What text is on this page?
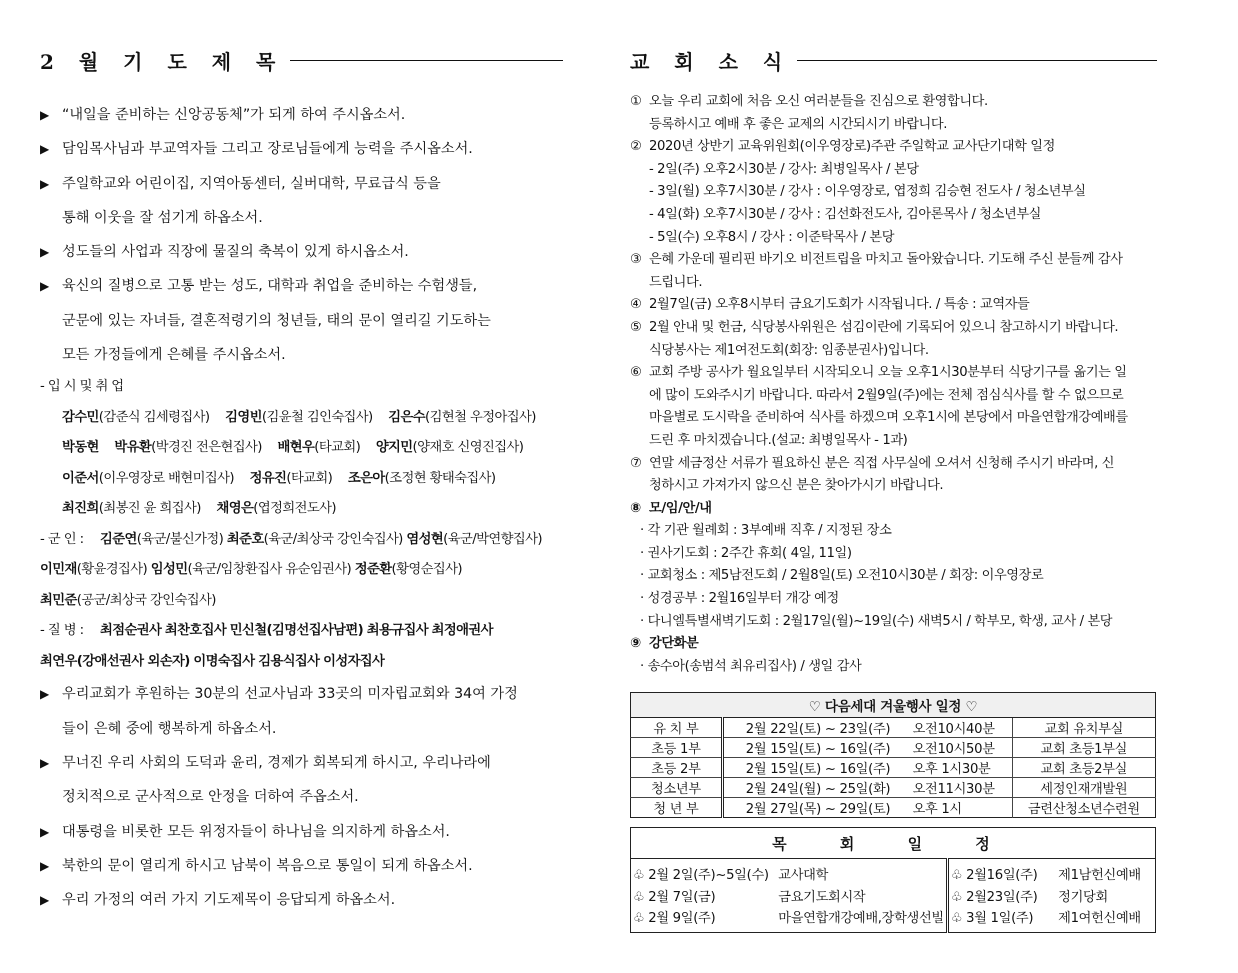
2 월 기 도 제 목
▶ “내일을 준비하는 신앙공동체”가 되게 하여 주시옵소서.
▶ 담임목사님과 부교역자들 그리고 장로님들에게 능력을 주시옵소서.
▶ 주일학교와 어린이집, 지역아동센터, 실버대학, 무료급식 등을
통해 이웃을 잘 섬기게 하옵소서.
▶ 성도들의 사업과 직장에 물질의 축복이 있게 하시옵소서.
▶ 육신의 질병으로 고통 받는 성도, 대학과 취업을 준비하는 수험생들,
군문에 있는 자녀들, 결혼적령기의 청년들, 태의 문이 열리길 기도하는
모든 가정들에게 은혜를 주시옵소서.
- 입 시 및 취 업
감수민(감준식 김세령집사) 김영빈(김윤철 김인숙집사) 김은수(김현철 우정아집사)
박동현 박유환(박경진 전은현집사) 배현우(타교회) 양지민(양재호 신영진집사)
이준서(이우영장로 배현미집사) 정유진(타교회) 조은아(조정현 황태숙집사)
최진희(최봉진 윤 희집사) 채영은(엽정희전도사)
- 군 인 : 김준연(육군/불신가정) 최준호(육군/최상국 강인숙집사) 염성현(육군/박연향집사)
이민재(황윤경집사) 임성민(육군/임창환집사 유순임권사) 정준환(황영순집사)
최민준(공군/최상국 강인숙집사)
- 질 병 : 최점순권사 최찬호집사 민신철(김명선집사남편) 최용규집사 최정애권사
최연우(강애선권사 외손자) 이명숙집사 김용식집사 이성자집사
▶ 우리교회가 후원하는 30분의 선교사님과 33곳의 미자립교회와 34여 가정
들이 은혜 중에 행복하게 하옵소서.
▶ 무너진 우리 사회의 도덕과 윤리, 경제가 회복되게 하시고, 우리나라에
정치적으로 군사적으로 안정을 더하여 주옵소서.
▶ 대통령을 비롯한 모든 위정자들이 하나님을 의지하게 하옵소서.
▶ 북한의 문이 열리게 하시고 남북이 복음으로 통일이 되게 하옵소서.
▶ 우리 가정의 여러 가지 기도제목이 응답되게 하옵소서.
교 회 소 식
① 오늘 우리 교회에 처음 오신 여러분들을 진심으로 환영합니다.
등록하시고 예배 후 좋은 교제의 시간되시기 바랍니다.
② 2020년 상반기 교육위원회(이우영장로)주관 주일학교 교사단기대학 일정
- 2일(주) 오후2시30분 / 강사: 최병일목사 / 본당
- 3일(월) 오후7시30분 / 강사 : 이우영장로, 엽정희 김승현 전도사 / 청소년부실
- 4일(화) 오후7시30분 / 강사 : 김선화전도사, 김아론목사 / 청소년부실
- 5일(수) 오후8시 / 강사 : 이준탁목사 / 본당
③ 은혜 가운데 필리핀 바기오 비전트립을 마치고 돌아왔습니다. 기도해 주신 분들께 감사
드립니다.
④ 2월7일(금) 오후8시부터 금요기도회가 시작됩니다. / 특송 : 교역자들
⑤ 2월 안내 및 헌금, 식당봉사위원은 섬김이란에 기록되어 있으니 참고하시기 바랍니다.
식당봉사는 제1여전도회(회장: 임종분권사)입니다.
⑥ 교회 주방 공사가 월요일부터 시작되오니 오늘 오후1시30분부터 식당기구를 옮기는 일
에 많이 도와주시기 바랍니다. 따라서 2월9일(주)에는 전체 점심식사를 할 수 없으므로
마을별로 도시락을 준비하여 식사를 하겠으며 오후1시에 본당에서 마을연합개강예배를
드린 후 마치겠습니다.(설교: 최병일목사 - 1과)
⑦ 연말 세금정산 서류가 필요하신 분은 직접 사무실에 오셔서 신청해 주시기 바라며, 신
청하시고 가져가지 않으신 분은 찾아가시기 바랍니다.
⑧ 모/임/안/내
· 각 기관 월례회 : 3부예배 직후 / 지정된 장소
· 권사기도회 : 2주간 휴회( 4일, 11일)
· 교회청소 : 제5남전도회 / 2월8일(토) 오전10시30분 / 회장: 이우영장로
· 성경공부 : 2월16일부터 개강 예정
· 다니엘특별새벽기도회 : 2월17일(월)~19일(수) 새벽5시 / 학부모, 학생, 교사 / 본당
⑨ 강단화분
· 송수아(송범석 최유리집사) / 생일 감사
♡ 다음세대 겨울행사 일정 ♡			
유 치 부	2월 22일(토) ~ 23일(주)	오전10시40분	교회 유치부실
초등 1부	2월 15일(토) ~ 16일(주)	오전10시50분	교회 초등1부실
초등 2부	2월 15일(토) ~ 16일(주)	오후 1시30분	교회 초등2부실
청소년부	2월 24일(월) ~ 25일(화)	오전11시30분	세정인재개발원
청 년 부	2월 27일(목) ~ 29일(토)	오후 1시	금련산청소년수련원
목 회 일 정

♧ 2월 2일(주)~5일(수) 교사대학
♧ 2월 7일(금)	금요기도회시작
♧ 2월 9일(주)	마을연합개강예배,장학생선빌

♧ 2월16일(주) 제1남헌신예배
♧ 2월23일(주) 정기당회
♧ 3월 1일(주) 제1여헌신예배
